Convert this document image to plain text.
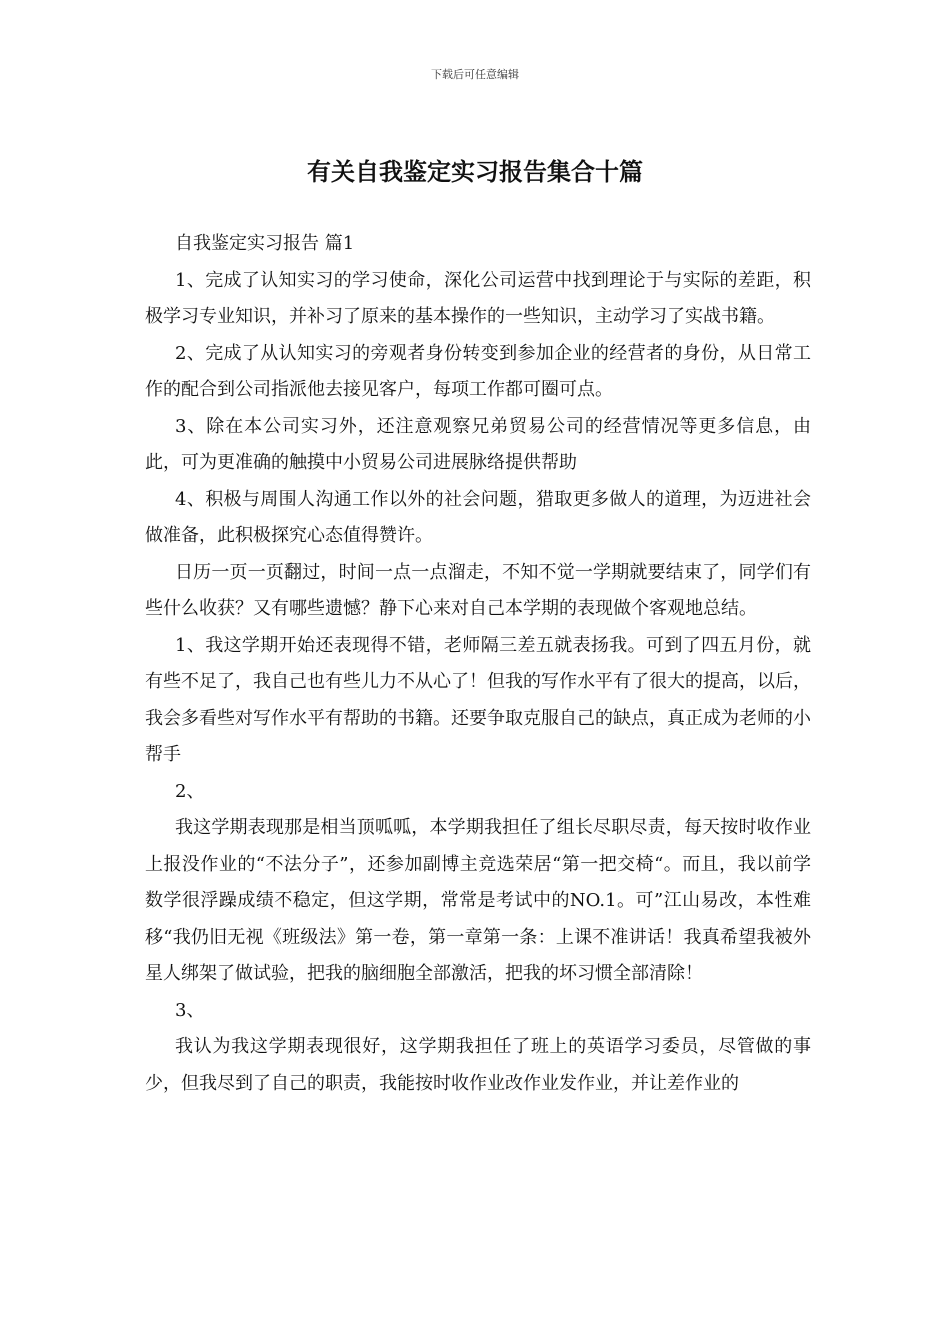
下载后可任意编辑
有关自我鉴定实习报告集合十篇

自我鉴定实习报告 篇1

1、完成了认知实习的学习使命，深化公司运营中找到理论于与实际的差距，积极学习专业知识，并补习了原来的基本操作的一些知识，主动学习了实战书籍。

2、完成了从认知实习的旁观者身份转变到参加企业的经营者的身份，从日常工作的配合到公司指派他去接见客户，每项工作都可圈可点。

3、除在本公司实习外，还注意观察兄弟贸易公司的经营情况等更多信息，由此，可为更准确的触摸中小贸易公司进展脉络提供帮助

4、积极与周围人沟通工作以外的社会问题，猎取更多做人的道理，为迈进社会做准备，此积极探究心态值得赞许。

日历一页一页翻过，时间一点一点溜走，不知不觉一学期就要结束了，同学们有些什么收获？又有哪些遗憾？静下心来对自己本学期的表现做个客观地总结。

1、我这学期开始还表现得不错，老师隔三差五就表扬我。可到了四五月份，就有些不足了，我自己也有些儿力不从心了！但我的写作水平有了很大的提高，以后，我会多看些对写作水平有帮助的书籍。还要争取克服自己的缺点，真正成为老师的小帮手

2、

我这学期表现那是相当顶呱呱，本学期我担任了组长尽职尽责，每天按时收作业上报没作业的“不法分子”，还参加副博主竞选荣居“第一把交椅“。而且，我以前学数学很浮躁成绩不稳定，但这学期，常常是考试中的NO.1。可”江山易改，本性难移“我仍旧无视《班级法》第一卷，第一章第一条：上课不准讲话！我真希望我被外星人绑架了做试验，把我的脑细胞全部激活，把我的坏习惯全部清除！

3、

我认为我这学期表现很好，这学期我担任了班上的英语学习委员，尽管做的事少，但我尽到了自己的职责，我能按时收作业改作业发作业，并让差作业的
